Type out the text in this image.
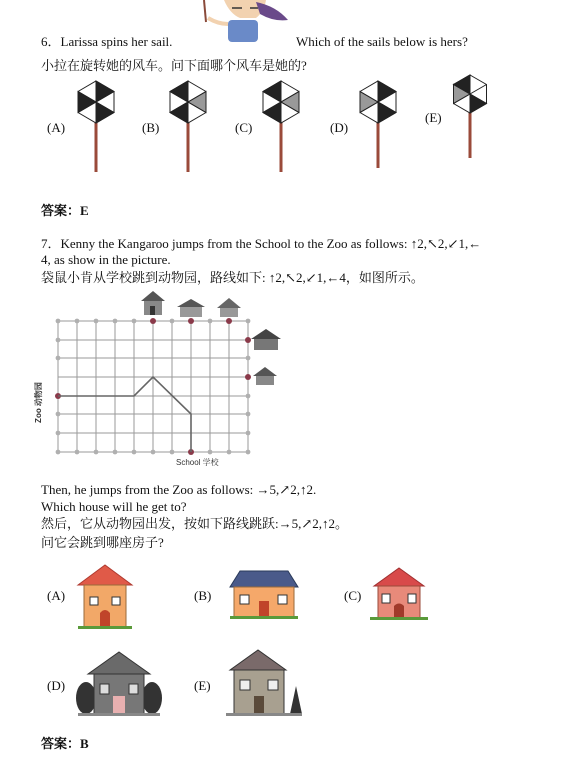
6．Larissa spins her sail.	Which of the sails below is hers?
小拉在旋转她的风车。问下面哪个风车是她的?
(A)	(B)	(C)	(D)
(E)
答案：E
7．Kenny the Kangaroo jumps from the School to the Zoo as follows: ↑2,↖2,↙1,←
4, as show in the picture.
袋鼠小肯从学校跳到动物园，路线如下: ↑2,↖2,↙1,←4，如图所示。
Zoo 动物园
School 学校
Then, he jumps from the Zoo as follows: →5,↗2,↑2.
Which house will he get to?
然后，它从动物园出发，按如下路线跳跃:→5,↗2,↑2。
问它会跳到哪座房子?
(A)	(B)	(C)
(D)	(E)
答案：B
